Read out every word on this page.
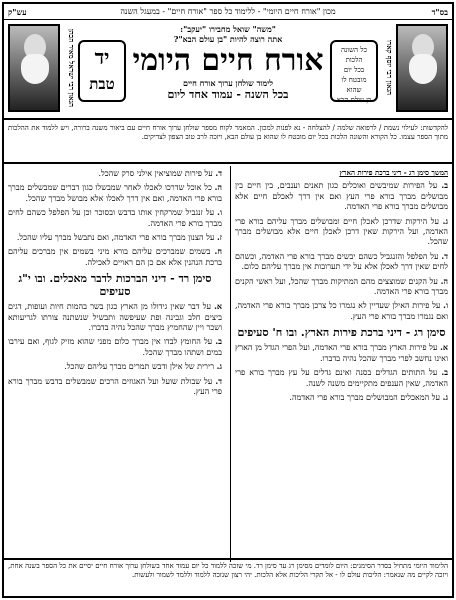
בס"ד
מכון "אורח חיים היומי" - ללימוד כל ספר "אורח חיים" - במעגל השנה
עש"ק
הגאון רבי יוסף קארו
כל השונה
הלכות
בכל יום
מובטח לו
שהוא
בן עולם הבא
"משה" שואל מחבירו "יעקב":
אתה רוצה להיות "בן עולם הבא"?
אורח חיים היומי
לימוד שולחן ערוך אורח חיים
בכל השנה - עמוד אחד ליום
יד
טבת
הגאון רבי ישראל מאיר הכהן
להקדשות: לעילוי נשמת / לרפואה שלמה / להצלחה - נא לפנות למכון. המאמר לקוח מספר שולחן ערוך אורח חיים עם ביאור משנה ברורה, ויש ללמוד את ההלכות מתוך הספר עצמו. כל הקורא והשונה הלכות בכל יום מובטח לו שהוא בן עולם הבא, ויזכה לרב טוב הצפון לצדיקים.
המשך סימן רג - דיני ברכת פירות הארץ
ב. על הפירות שמיבשים ואוכלים כגון תאנים וענבים, בין חיים בין מבושלים מברך בורא פרי העץ ואם אין דרך לאכלם חיים אלא מבושלים מברך בורא פרי האדמה.
ג. על הירקות שדרכן לאכלן חיים ומבושלים מברך עליהם בורא פרי האדמה, ועל הירקות שאין דרכן לאכלן חיים אלא מבושלים מברך שהכל.
ד. על הפלפל והזנגביל כשהם יבשים מברך בורא פרי האדמה, וכשהם לחים שאין דרך לאכלן אלא על ידי תערובות אין מברך עליהם כלום.
ה. על הקנים שמוצצים מהם המתיקות מברך שהכל, ועל ראשי הקנים מברך בורא פרי האדמה.
ו. על פירות האילן שעדיין לא נגמרו כל צרכן מברך בורא פרי האדמה, ואם נגמרו מברך בורא פרי העץ.
סימן רג - דיני ברכת פירות הארץ. ובו ח' סעיפים
א. על פירות הארץ מברך בורא פרי האדמה, ועל הפרי הגדל מן הארץ ואינו נחשב לפרי מברך שהכל נהיה בדברו.
ב. על התותים הגדלים בסנה ואינם גדלים על עץ מברך בורא פרי האדמה, שאין הענפים מתקיימים משנה לשנה.
ג. על המאכלים המבושלים מברך בורא פרי האדמה.
ד. על פירות שמוציאין אילני סרק שהכל.
ה. כל אוכל שדרכו לאכלו לאחר שמבשלו כגון דברים שמבשלים מברך בורא פרי האדמה, ואם אין דרך לאכלו אלא מבושל מברך שהכל.
ו. על זנגביל שמרקחין אותו בדבש ובסוכר וכן על הפלפל כשהם לחים מברך בורא פרי האדמה.
ז. על הצנון מברך בורא פרי האדמה, ואם נתבשל מברך עליו שהכל.
ח. בשמים שמברכים עליהם בורא מיני בשמים אין מברכים עליהם ברכת הנהנין אלא אם כן הם ראויים לאכילה.
סימן רד - דיני הברכות לדבר מאכלים. ובו י"ג סעיפים
א. על דבר שאין גידולו מן הארץ כגון בשר בהמות חיות ועופות, דגים ביצים חלב וגבינה ופת שעיפשה ותבשיל שנשתנה צורתו לגריעותא ושכר ויין שהחמיץ מברך שהכל נהיה בדברו.
ב. על החומץ לבדו אין מברך כלום מפני שהוא מזיק לגוף, ואם עירבו במים ושתהו מברך שהכל.
ג. רירית של אילן ודבש תמרים מברך עליהם שהכל.
ד. על שבולת שועל ועל האגוזים הרכים שמבשלים בדבש מברך בורא פרי העץ.
הלימוד היומי מתחיל בסדר הסימנים: היום לומדים מסימן רג עד סימן רד. מי שזכה ללמוד כל יום עמוד אחד בשולחן ערוך אורח חיים יסיים את כל הספר בשנה אחת, ויזכה לקיים מה שנאמר: הליכות עולם לו - אל תקרי הליכות אלא הלכות. יהי רצון שנזכה ללמוד וללמד לשמור ולעשות.
